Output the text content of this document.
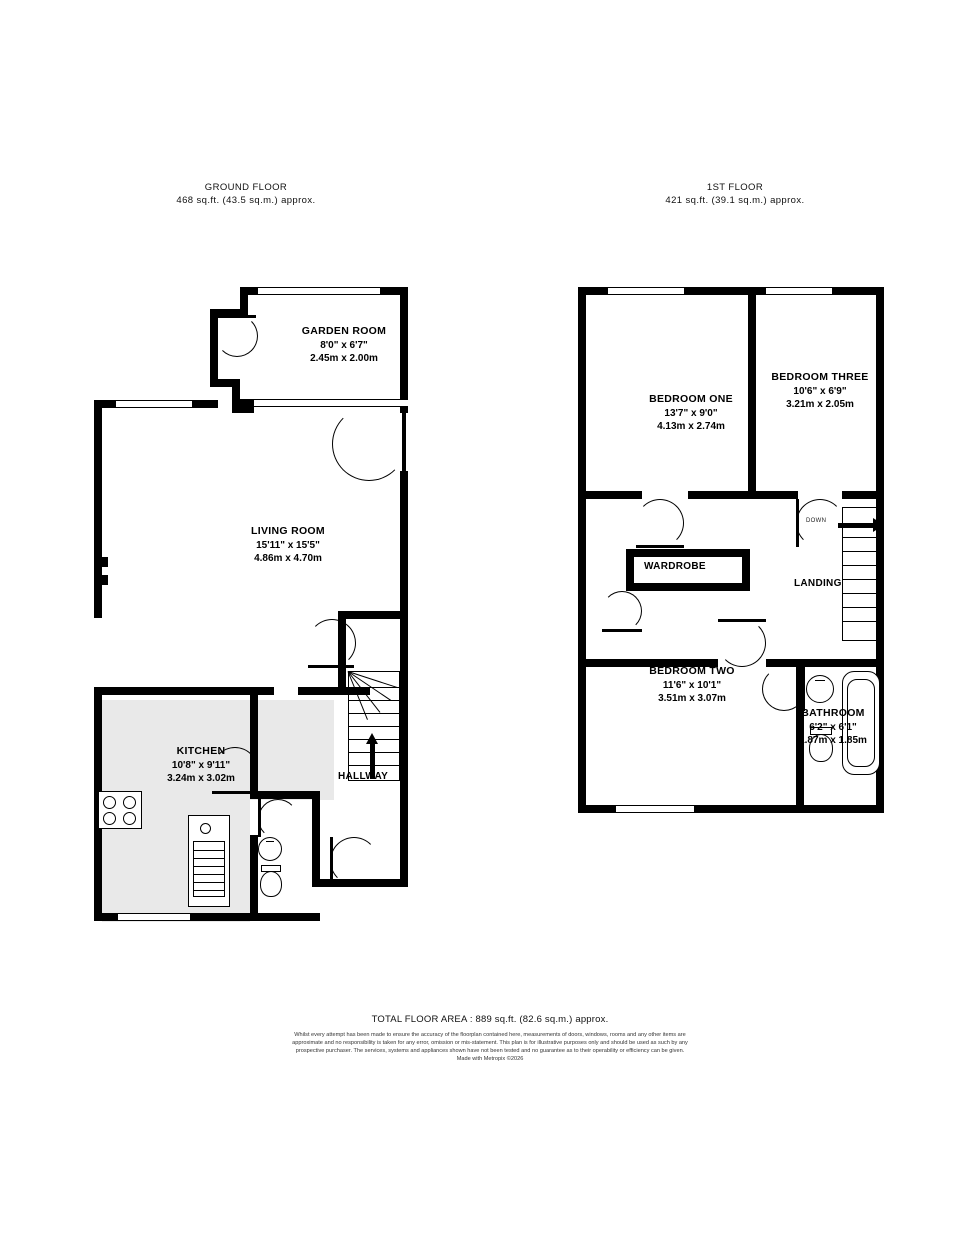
GROUND FLOOR
468 sq.ft. (43.5 sq.m.) approx.
1ST FLOOR
421 sq.ft. (39.1 sq.m.) approx.
LIVING ROOM
15'11" x 15'5"
4.86m x 4.70m
GARDEN ROOM
8'0" x 6'7"
2.45m x 2.00m
HALLWAY
KITCHEN
10'8" x 9'11"
3.24m x 3.02m
WARDROBE
LANDING
DOWN
BEDROOM ONE
13'7" x 9'0"
4.13m x 2.74m
BEDROOM THREE
10'6" x 6'9"
3.21m x 2.05m
BEDROOM TWO
11'6" x 10'1"
3.51m x 3.07m
BATHROOM
6'2" x 6'1"
1.87m x 1.85m
TOTAL FLOOR AREA : 889 sq.ft. (82.6 sq.m.) approx.
Whilst every attempt has been made to ensure the accuracy of the floorplan contained here, measurements of doors, windows, rooms and any other items are approximate and no responsibility is taken for any error, omission or mis-statement. This plan is for illustrative purposes only and should be used as such by any prospective purchaser. The services, systems and appliances shown have not been tested and no guarantee as to their operability or efficiency can be given.
Made with Metropix ©2026
